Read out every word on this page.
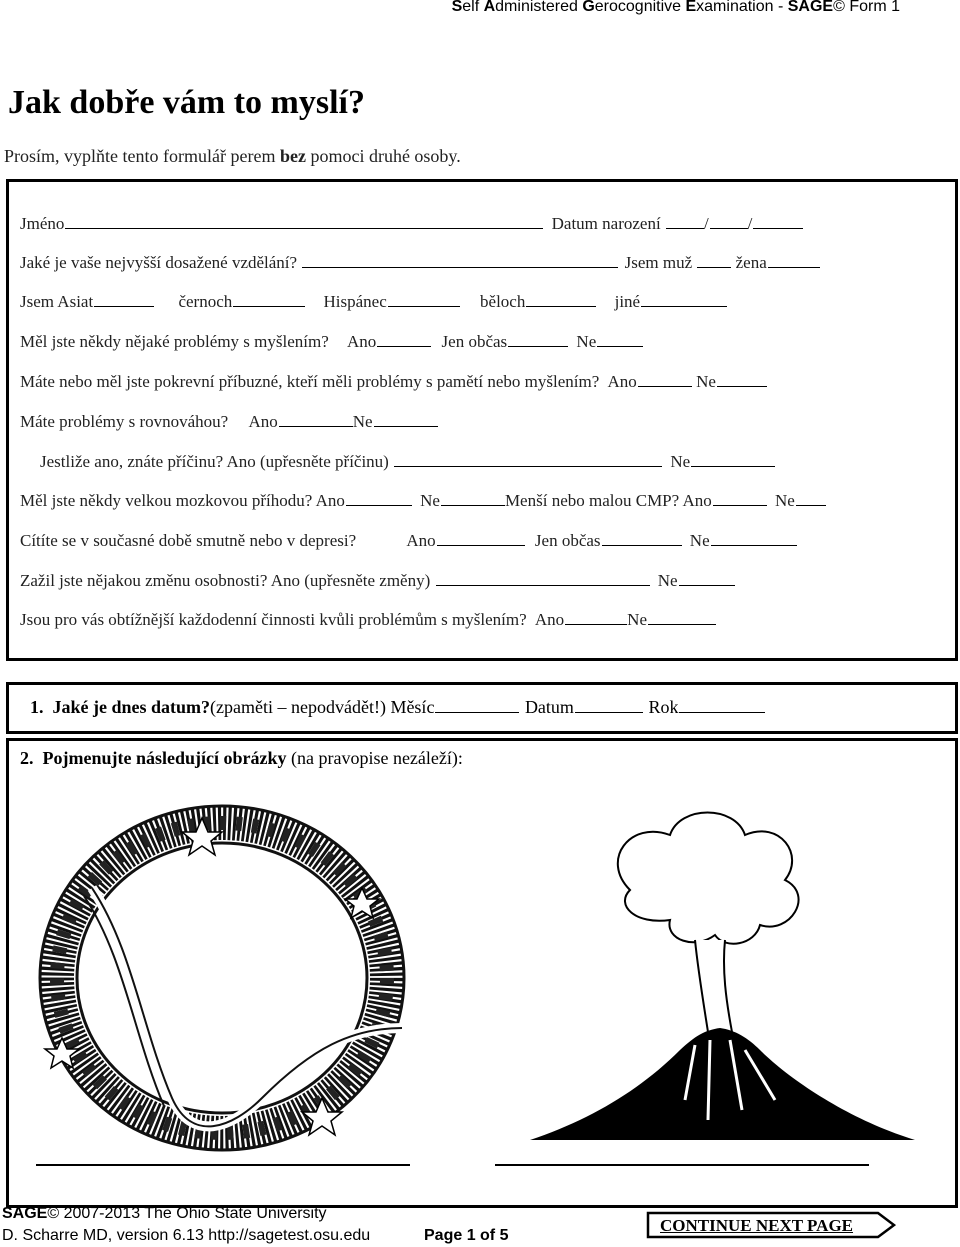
Self Administered Gerocognitive Examination - SAGE© Form 1
Jak dobře vám to myslí?
Prosím, vyplňte tento formulář perem bez pomoci druhé osoby.
Jméno	Datum narození	/ /
Jaké je vaše nejvyšší dosažené vzdělání?	Jsem muž	žena
Jsem Asiat	černoch	Hispánec	běloch	jiné
Měl jste někdy nějaké problémy s myšlením? Ano	Jen občas	Ne
Máte nebo měl jste pokrevní příbuzné, kteří měli problémy s pamětí nebo myšlením? Ano	Ne
Máte problémy s rovnováhou? Ano	Ne
Jestliže ano, znáte příčinu? Ano (upřesněte příčinu)	Ne
Měl jste někdy velkou mozkovou příhodu? Ano	Ne	Menší nebo malou CMP? Ano	Ne
Cítíte se v současné době smutně nebo v depresi?	Ano	Jen občas	Ne
Zažil jste nějakou změnu osobnosti? Ano (upřesněte změny)	Ne
Jsou pro vás obtížnější každodenní činnosti kvůli problémům s myšlením? Ano	Ne
1. Jaké je dnes datum?(zpaměti – nepodvádět!) Měsíc	Datum	Rok
2. Pojmenujte následující obrázky (na pravopise nezáleží):
SAGE© 2007-2013 The Ohio State University
D. Scharre MD, version 6.13 http://sagetest.osu.edu	Page 1 of 5
CONTINUE NEXT PAGE
